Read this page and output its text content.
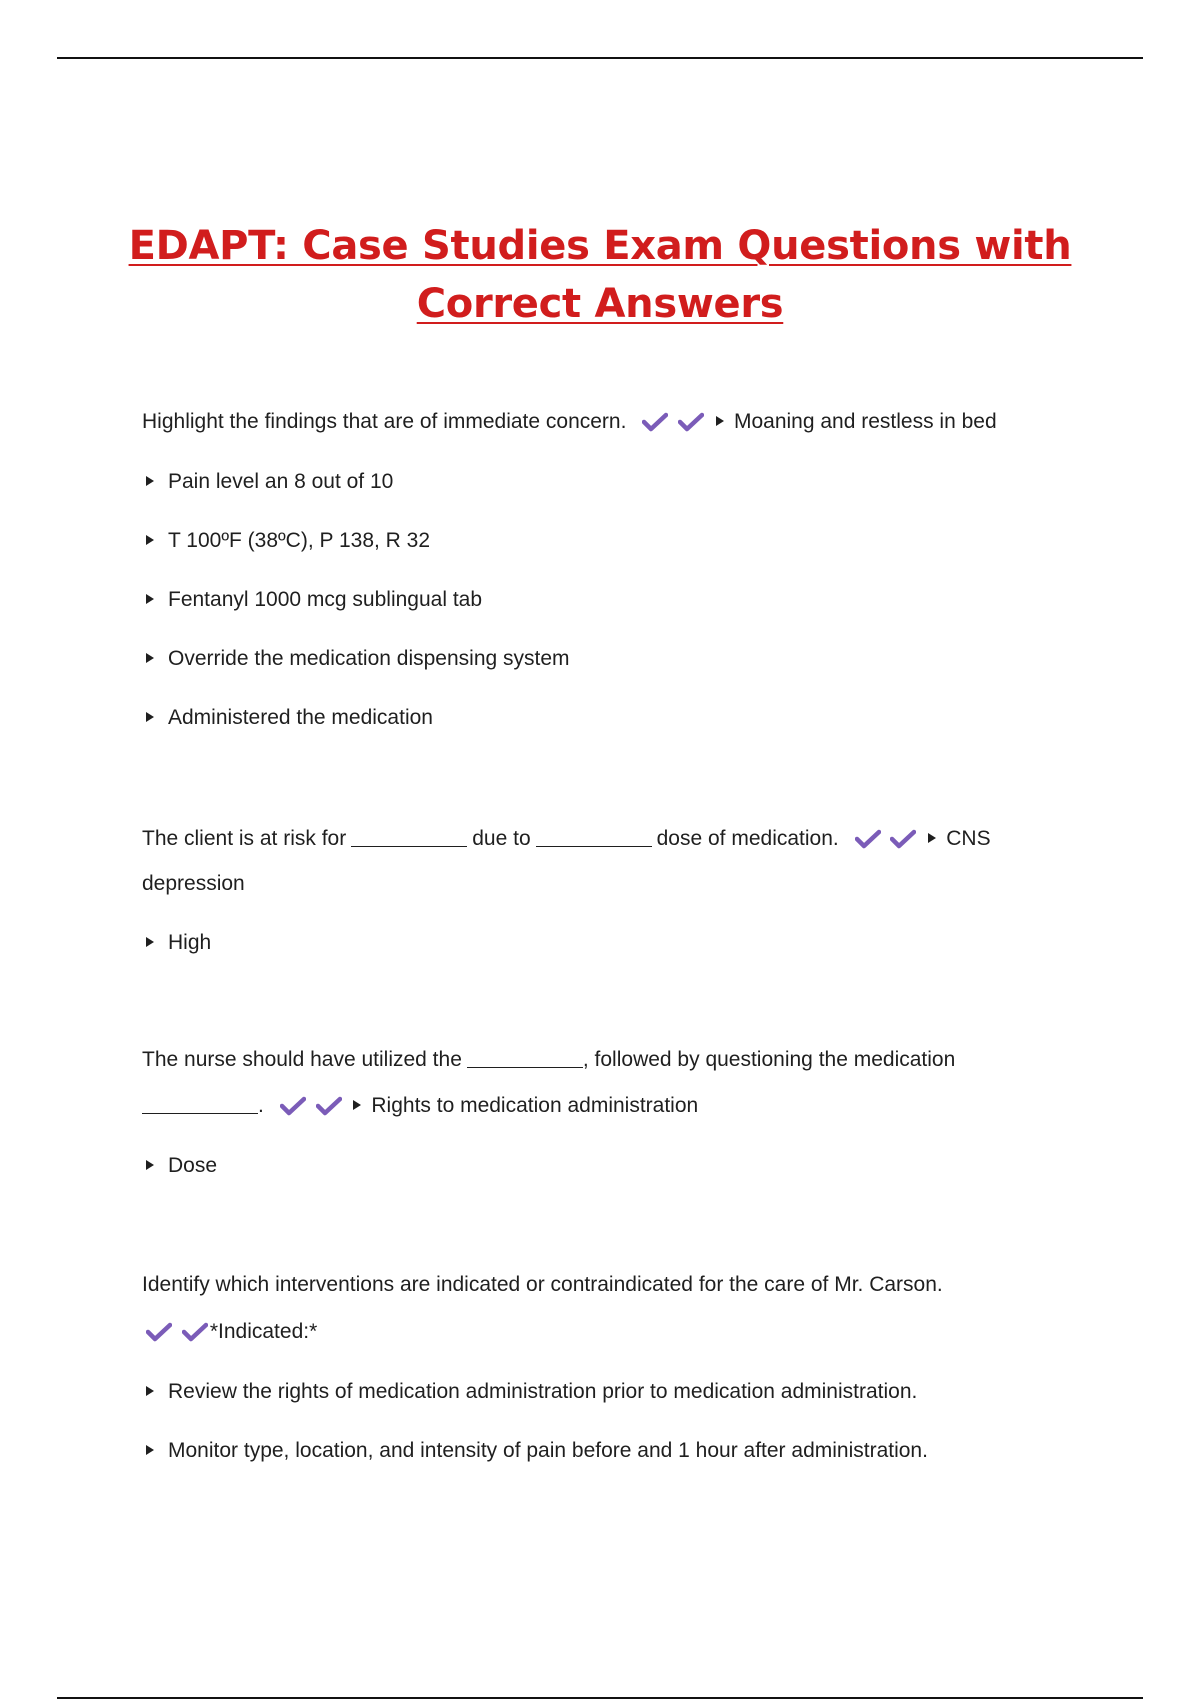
EDAPT: Case Studies Exam Questions with
Correct Answers
Highlight the findings that are of immediate concern.
	Moaning and restless in bed
Pain level an 8 out of 10
T 100ºF (38ºC), P 138, R 32
Fentanyl 1000 mcg sublingual tab
Override the medication dispensing system
Administered the medication
The client is at risk for	due to	dose of medication.
	CNS
depression
High
The nurse should have utilized the	, followed by questioning the medication
.
	Rights to medication administration
Dose
Identify which interventions are indicated or contraindicated for the care of Mr. Carson.

*Indicated:*
Review the rights of medication administration prior to medication administration.
Monitor type, location, and intensity of pain before and 1 hour after administration.
